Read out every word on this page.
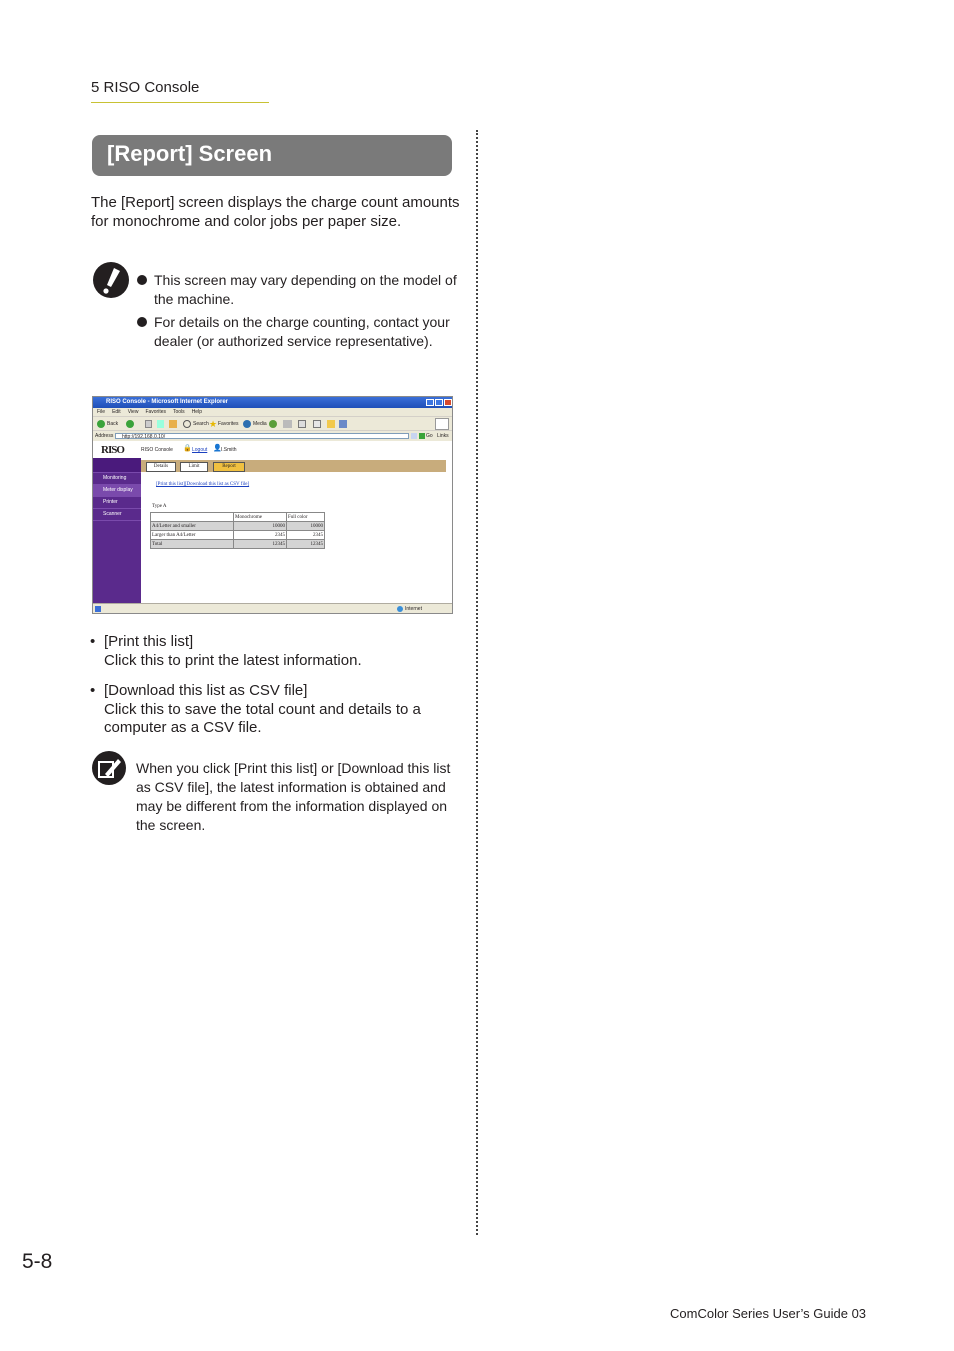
5 RISO Console
[Report] Screen
The [Report] screen displays the charge count amounts for monochrome and color jobs per paper size.
This screen may vary depending on the model of the machine.
For details on the charge counting, contact your dealer (or authorized service representative).
RISO Console - Microsoft Internet Explorer
File Edit View Favorites Tools Help
Back	Search ★ Favorites	Media
Address	http://192.168.0.10/	Go Links
RISO	RISO Console 🔒 Logout 👤 I.Smith
Monitoring
Meter display
Printer
Scanner
Details	Limit	Report
[Print this list][Download this list as CSV file]
Type A
	Monochrome	Full color
A4/Letter and smaller	10000	10000
Larger than A4/Letter	2345	2345
Total	12345	12345
Internet
• [Print this list]
Click this to print the latest information.
• [Download this list as CSV file]
Click this to save the total count and details to a computer as a CSV file.
When you click [Print this list] or [Download this list as CSV file], the latest information is obtained and may be different from the information displayed on the screen.
5-8
ComColor Series User’s Guide 03
